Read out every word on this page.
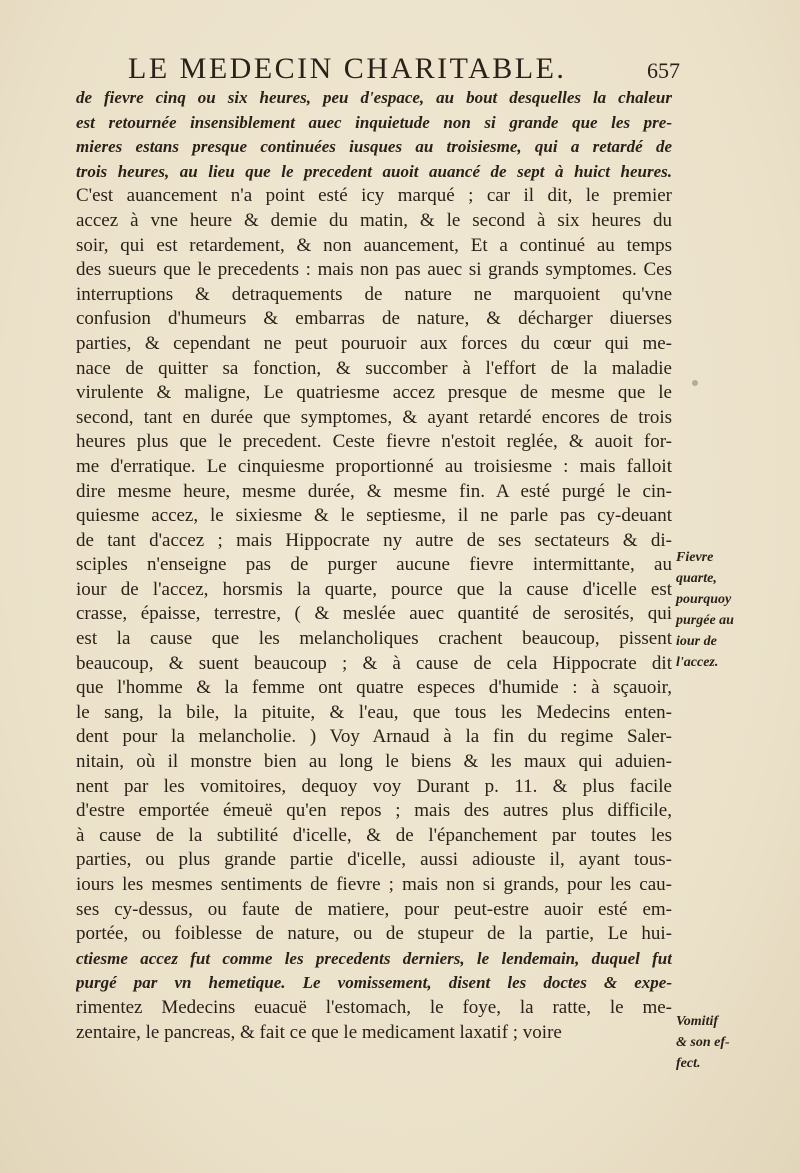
LE MEDECIN CHARITABLE.	657
de fievre cinq ou six heures, peu d'espace, au bout desquelles la chaleur
est retournée insensiblement auec inquietude non si grande que les pre-
mieres estans presque continuées iusques au troisiesme, qui a retardé de
trois heures, au lieu que le precedent auoit auancé de sept à huict heures.
C'est auancement n'a point esté icy marqué ; car il dit, le premier
accez à vne heure & demie du matin, & le second à six heures du
soir, qui est retardement, & non auancement, Et a continué au temps
des sueurs que le precedents : mais non pas auec si grands symptomes. Ces
interruptions & detraquements de nature ne marquoient qu'vne
confusion d'humeurs & embarras de nature, & décharger diuerses
parties, & cependant ne peut pouruoir aux forces du cœur qui me-
nace de quitter sa fonction, & succomber à l'effort de la maladie
virulente & maligne, Le quatriesme accez presque de mesme que le
second, tant en durée que symptomes, & ayant retardé encores de trois
heures plus que le precedent. Ceste fievre n'estoit reglée, & auoit for-
me d'erratique. Le cinquiesme proportionné au troisiesme : mais falloit
dire mesme heure, mesme durée, & mesme fin. A esté purgé le cin-
quiesme accez, le sixiesme & le septiesme, il ne parle pas cy-deuant
de tant d'accez ; mais Hippocrate ny autre de ses sectateurs & di-
sciples n'enseigne pas de purger aucune fievre intermittante, au
iour de l'accez, horsmis la quarte, pource que la cause d'icelle est
crasse, épaisse, terrestre, ( & meslée auec quantité de serosités, qui
est la cause que les melancholiques crachent beaucoup, pissent
beaucoup, & suent beaucoup ; & à cause de cela Hippocrate dit
que l'homme & la femme ont quatre especes d'humide : à sçauoir,
le sang, la bile, la pituite, & l'eau, que tous les Medecins enten-
dent pour la melancholie. ) Voy Arnaud à la fin du regime Saler-
nitain, où il monstre bien au long le biens & les maux qui aduien-
nent par les vomitoires, dequoy voy Durant p. 11. & plus facile
d'estre emportée émeuë qu'en repos ; mais des autres plus difficile,
à cause de la subtilité d'icelle, & de l'épanchement par toutes les
parties, ou plus grande partie d'icelle, aussi adiouste il, ayant tous-
iours les mesmes sentiments de fievre ; mais non si grands, pour les cau-
ses cy-dessus, ou faute de matiere, pour peut-estre auoir esté em-
portée, ou foiblesse de nature, ou de stupeur de la partie, Le hui-
ctiesme accez fut comme les precedents derniers, le lendemain, duquel fut
purgé par vn hemetique. Le vomissement, disent les doctes & expe-
rimentez Medecins euacuë l'estomach, le foye, la ratte, le me-
zentaire, le pancreas, & fait ce que le medicament laxatif ; voire
Fievre
quarte,
pourquoy
purgée au
iour de
l'accez.
Vomitif
& son ef-
fect.
